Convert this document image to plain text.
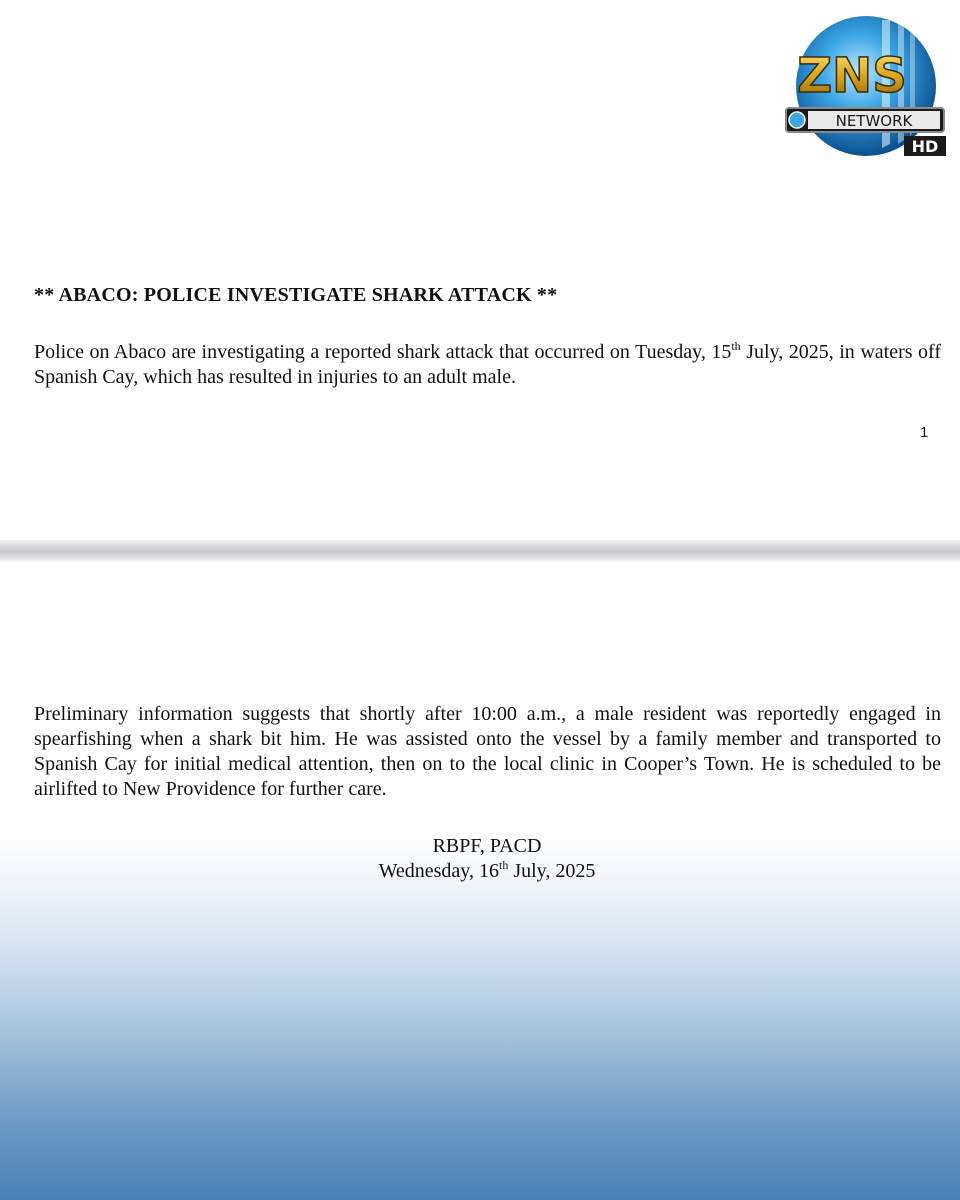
ZNS
NETWORK
HD
** ABACO: POLICE INVESTIGATE SHARK ATTACK **

Police on Abaco are investigating a reported shark attack that occurred on Tuesday, 15th July, 2025, in waters off Spanish Cay, which has resulted in injuries to an adult male.

1

Preliminary information suggests that shortly after 10:00 a.m., a male resident was reportedly engaged in spearfishing when a shark bit him. He was assisted onto the vessel by a family member and transported to Spanish Cay for initial medical attention, then on to the local clinic in Cooper’s Town. He is scheduled to be airlifted to New Providence for further care.

RBPF, PACD

Wednesday, 16th July, 2025
